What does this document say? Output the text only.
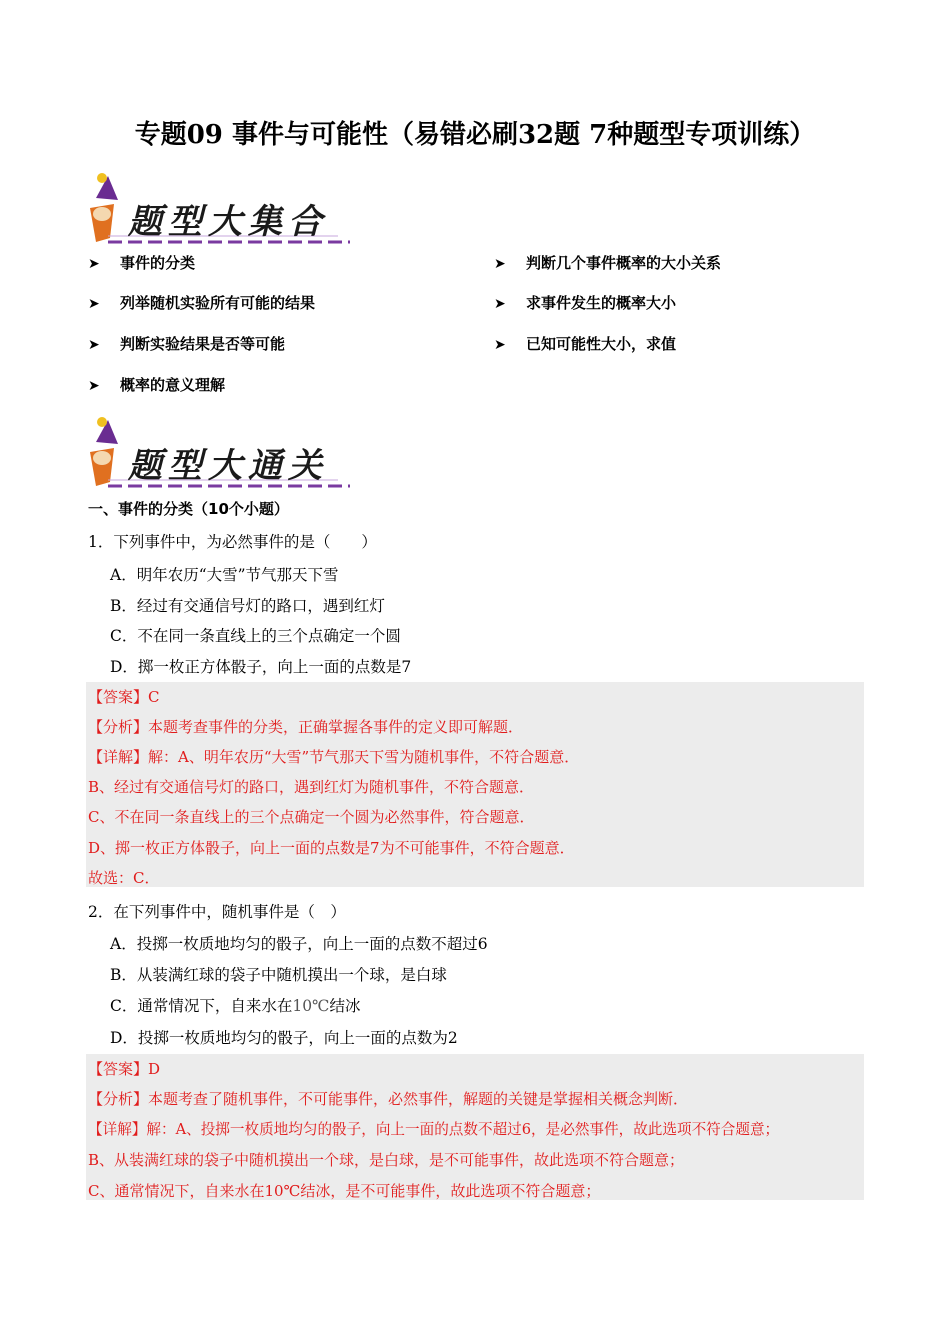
专题09 事件与可能性（易错必刷32题 7种题型专项训练）
题型大集合
➤ 事件的分类
➤ 列举随机实验所有可能的结果
➤ 判断实验结果是否等可能
➤ 概率的意义理解
➤ 判断几个事件概率的大小关系
➤ 求事件发生的概率大小
➤ 已知可能性大小，求值
题型大通关
一、事件的分类（10个小题）
1．下列事件中，为必然事件的是（　　）
A．明年农历“大雪”节气那天下雪
B．经过有交通信号灯的路口，遇到红灯
C．不在同一条直线上的三个点确定一个圆
D．掷一枚正方体骰子，向上一面的点数是7
【答案】C
【分析】本题考查事件的分类，正确掌握各事件的定义即可解题．
【详解】解：A、明年农历“大雪”节气那天下雪为随机事件，不符合题意．
B、经过有交通信号灯的路口，遇到红灯为随机事件，不符合题意．
C、不在同一条直线上的三个点确定一个圆为必然事件，符合题意．
D、掷一枚正方体骰子，向上一面的点数是7为不可能事件，不符合题意．
故选：C．
2．在下列事件中，随机事件是（　）
A．投掷一枚质地均匀的骰子，向上一面的点数不超过6
B．从装满红球的袋子中随机摸出一个球，是白球
C．通常情况下，自来水在10℃结冰
D．投掷一枚质地均匀的骰子，向上一面的点数为2
【答案】D
【分析】本题考查了随机事件，不可能事件，必然事件，解题的关键是掌握相关概念判断．
【详解】解：A、投掷一枚质地均匀的骰子，向上一面的点数不超过6，是必然事件，故此选项不符合题意；
B、从装满红球的袋子中随机摸出一个球，是白球，是不可能事件，故此选项不符合题意；
C、通常情况下，自来水在10℃结冰，是不可能事件，故此选项不符合题意；
